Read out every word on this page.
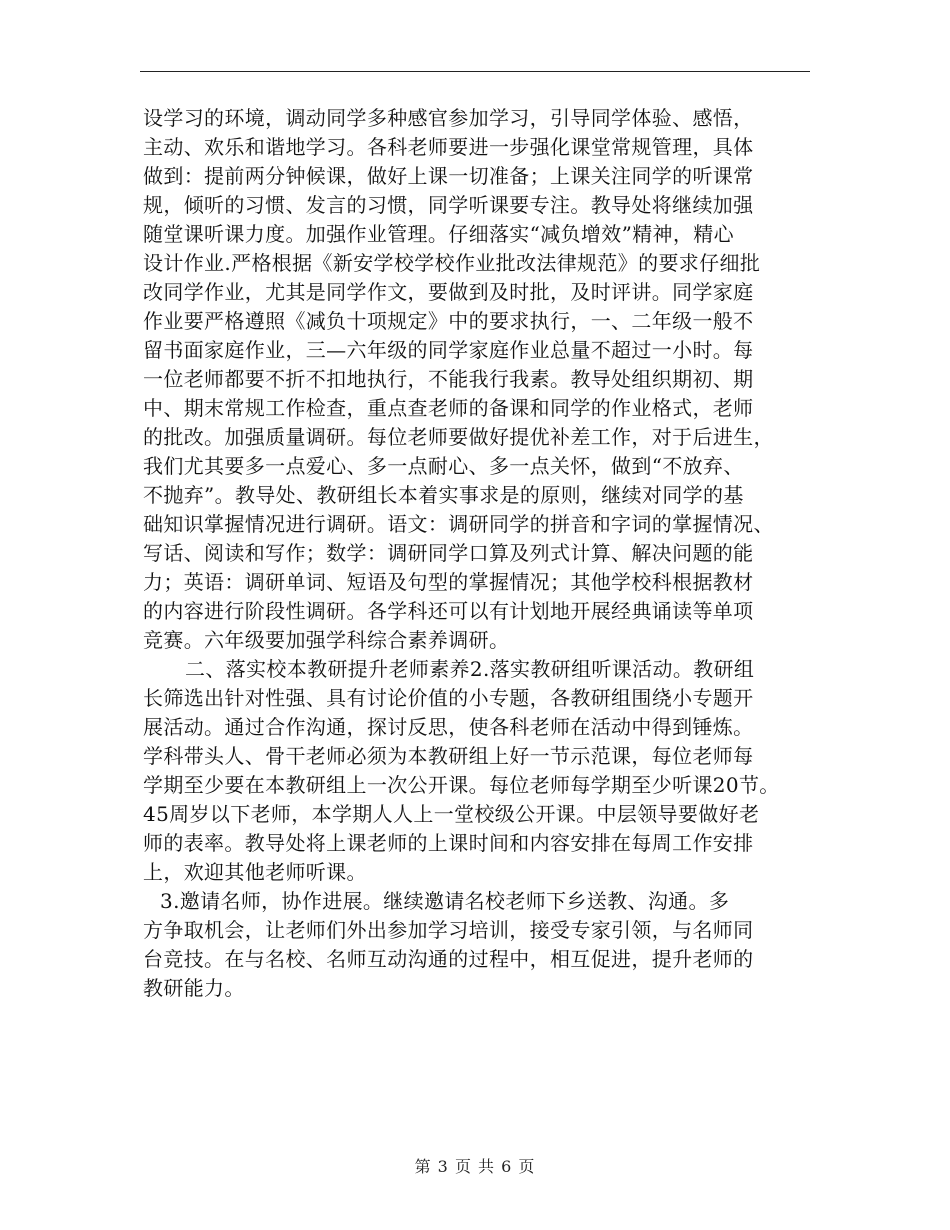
设学习的环境，调动同学多种感官参加学习，引导同学体验、感悟，
主动、欢乐和谐地学习。各科老师要进一步强化课堂常规管理，具体
做到：提前两分钟候课，做好上课一切准备；上课关注同学的听课常
规，倾听的习惯、发言的习惯，同学听课要专注。教导处将继续加强
随堂课听课力度。加强作业管理。仔细落实“减负增效”精神，精心
设计作业.严格根据《新安学校学校作业批改法律规范》的要求仔细批
改同学作业，尤其是同学作文，要做到及时批，及时评讲。同学家庭
作业要严格遵照《减负十项规定》中的要求执行，一、二年级一般不
留书面家庭作业，三—六年级的同学家庭作业总量不超过一小时。每
一位老师都要不折不扣地执行，不能我行我素。教导处组织期初、期
中、期末常规工作检查，重点查老师的备课和同学的作业格式，老师
的批改。加强质量调研。每位老师要做好提优补差工作，对于后进生，
我们尤其要多一点爱心、多一点耐心、多一点关怀，做到“不放弃、
不抛弃”。教导处、教研组长本着实事求是的原则，继续对同学的基
础知识掌握情况进行调研。语文：调研同学的拼音和字词的掌握情况、
写话、阅读和写作；数学：调研同学口算及列式计算、解决问题的能
力；英语：调研单词、短语及句型的掌握情况；其他学校科根据教材
的内容进行阶段性调研。各学科还可以有计划地开展经典诵读等单项
竞赛。六年级要加强学科综合素养调研。
二、落实校本教研提升老师素养2.落实教研组听课活动。教研组
长筛选出针对性强、具有讨论价值的小专题，各教研组围绕小专题开
展活动。通过合作沟通，探讨反思，使各科老师在活动中得到锤炼。
学科带头人、骨干老师必须为本教研组上好一节示范课，每位老师每
学期至少要在本教研组上一次公开课。每位老师每学期至少听课20节。
45周岁以下老师，本学期人人上一堂校级公开课。中层领导要做好老
师的表率。教导处将上课老师的上课时间和内容安排在每周工作安排
上，欢迎其他老师听课。
3.邀请名师，协作进展。继续邀请名校老师下乡送教、沟通。多
方争取机会，让老师们外出参加学习培训，接受专家引领，与名师同
台竞技。在与名校、名师互动沟通的过程中，相互促进，提升老师的
教研能力。
第 3 页 共 6 页
